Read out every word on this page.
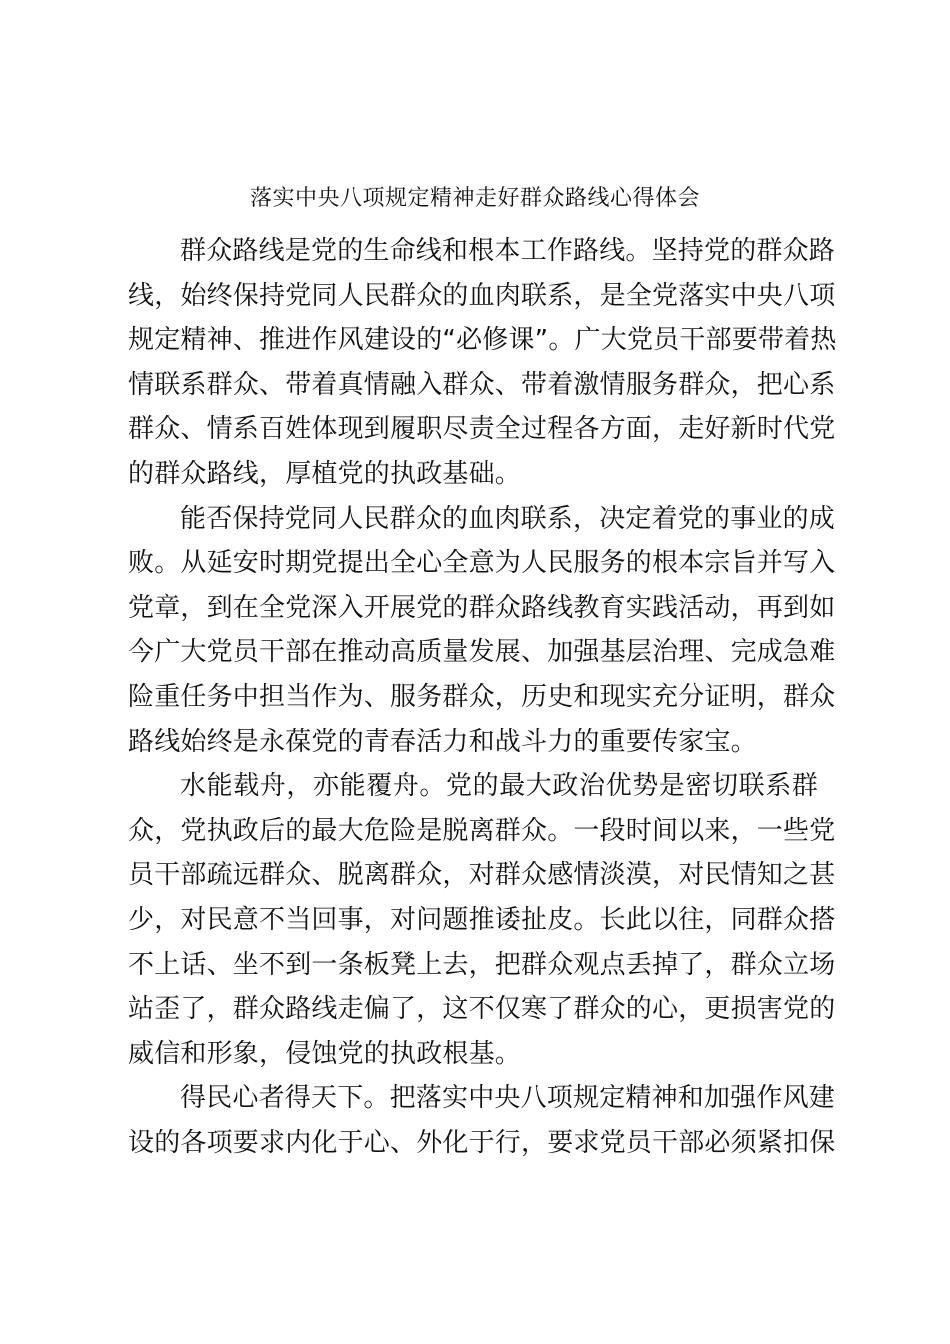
落实中央八项规定精神走好群众路线心得体会
群众路线是党的生命线和根本工作路线。坚持党的群众路
线，始终保持党同人民群众的血肉联系，是全党落实中央八项
规定精神、推进作风建设的“必修课”。广大党员干部要带着热
情联系群众、带着真情融入群众、带着激情服务群众，把心系
群众、情系百姓体现到履职尽责全过程各方面，走好新时代党
的群众路线，厚植党的执政基础。
能否保持党同人民群众的血肉联系，决定着党的事业的成
败。从延安时期党提出全心全意为人民服务的根本宗旨并写入
党章，到在全党深入开展党的群众路线教育实践活动，再到如
今广大党员干部在推动高质量发展、加强基层治理、完成急难
险重任务中担当作为、服务群众，历史和现实充分证明，群众
路线始终是永葆党的青春活力和战斗力的重要传家宝。
水能载舟，亦能覆舟。党的最大政治优势是密切联系群
众，党执政后的最大危险是脱离群众。一段时间以来，一些党
员干部疏远群众、脱离群众，对群众感情淡漠，对民情知之甚
少，对民意不当回事，对问题推诿扯皮。长此以往，同群众搭
不上话、坐不到一条板凳上去，把群众观点丢掉了，群众立场
站歪了，群众路线走偏了，这不仅寒了群众的心，更损害党的
威信和形象，侵蚀党的执政根基。
得民心者得天下。把落实中央八项规定精神和加强作风建
设的各项要求内化于心、外化于行，要求党员干部必须紧扣保
